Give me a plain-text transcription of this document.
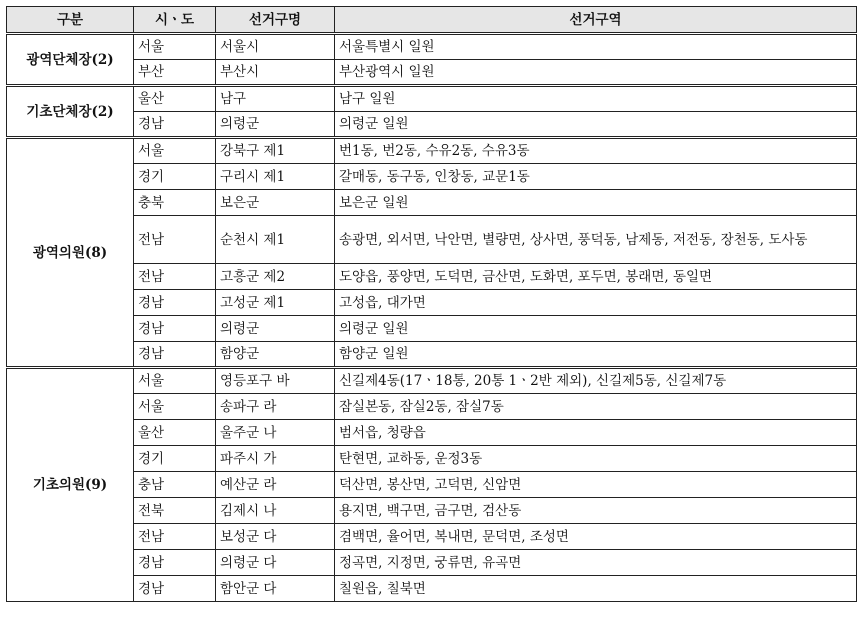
구분	시ㆍ도	선거구명	선거구역
광역단체장(2)	서울	서울시	서울특별시 일원
	부산	부산시	부산광역시 일원
기초단체장(2)	울산	남구	남구 일원
	경남	의령군	의령군 일원
광역의원(8)	서울	강북구 제1	번1동, 번2동, 수유2동, 수유3동
	경기	구리시 제1	갈매동, 동구동, 인창동, 교문1동
	충북	보은군	보은군 일원
	전남	순천시 제1	송광면, 외서면, 낙안면, 별량면, 상사면, 풍덕동, 남제동, 저전동, 장천동, 도사동
	전남	고흥군 제2	도양읍, 풍양면, 도덕면, 금산면, 도화면, 포두면, 봉래면, 동일면
	경남	고성군 제1	고성읍, 대가면
	경남	의령군	의령군 일원
	경남	함양군	함양군 일원
기초의원(9)	서울	영등포구 바	신길제4동(17ㆍ18통, 20통 1ㆍ2반 제외), 신길제5동, 신길제7동
	서울	송파구 라	잠실본동, 잠실2동, 잠실7동
	울산	울주군 나	범서읍, 청량읍
	경기	파주시 가	탄현면, 교하동, 운정3동
	충남	예산군 라	덕산면, 봉산면, 고덕면, 신암면
	전북	김제시 나	용지면, 백구면, 금구면, 검산동
	전남	보성군 다	겸백면, 율어면, 복내면, 문덕면, 조성면
	경남	의령군 다	정곡면, 지정면, 궁류면, 유곡면
	경남	함안군 다	칠원읍, 칠북면
